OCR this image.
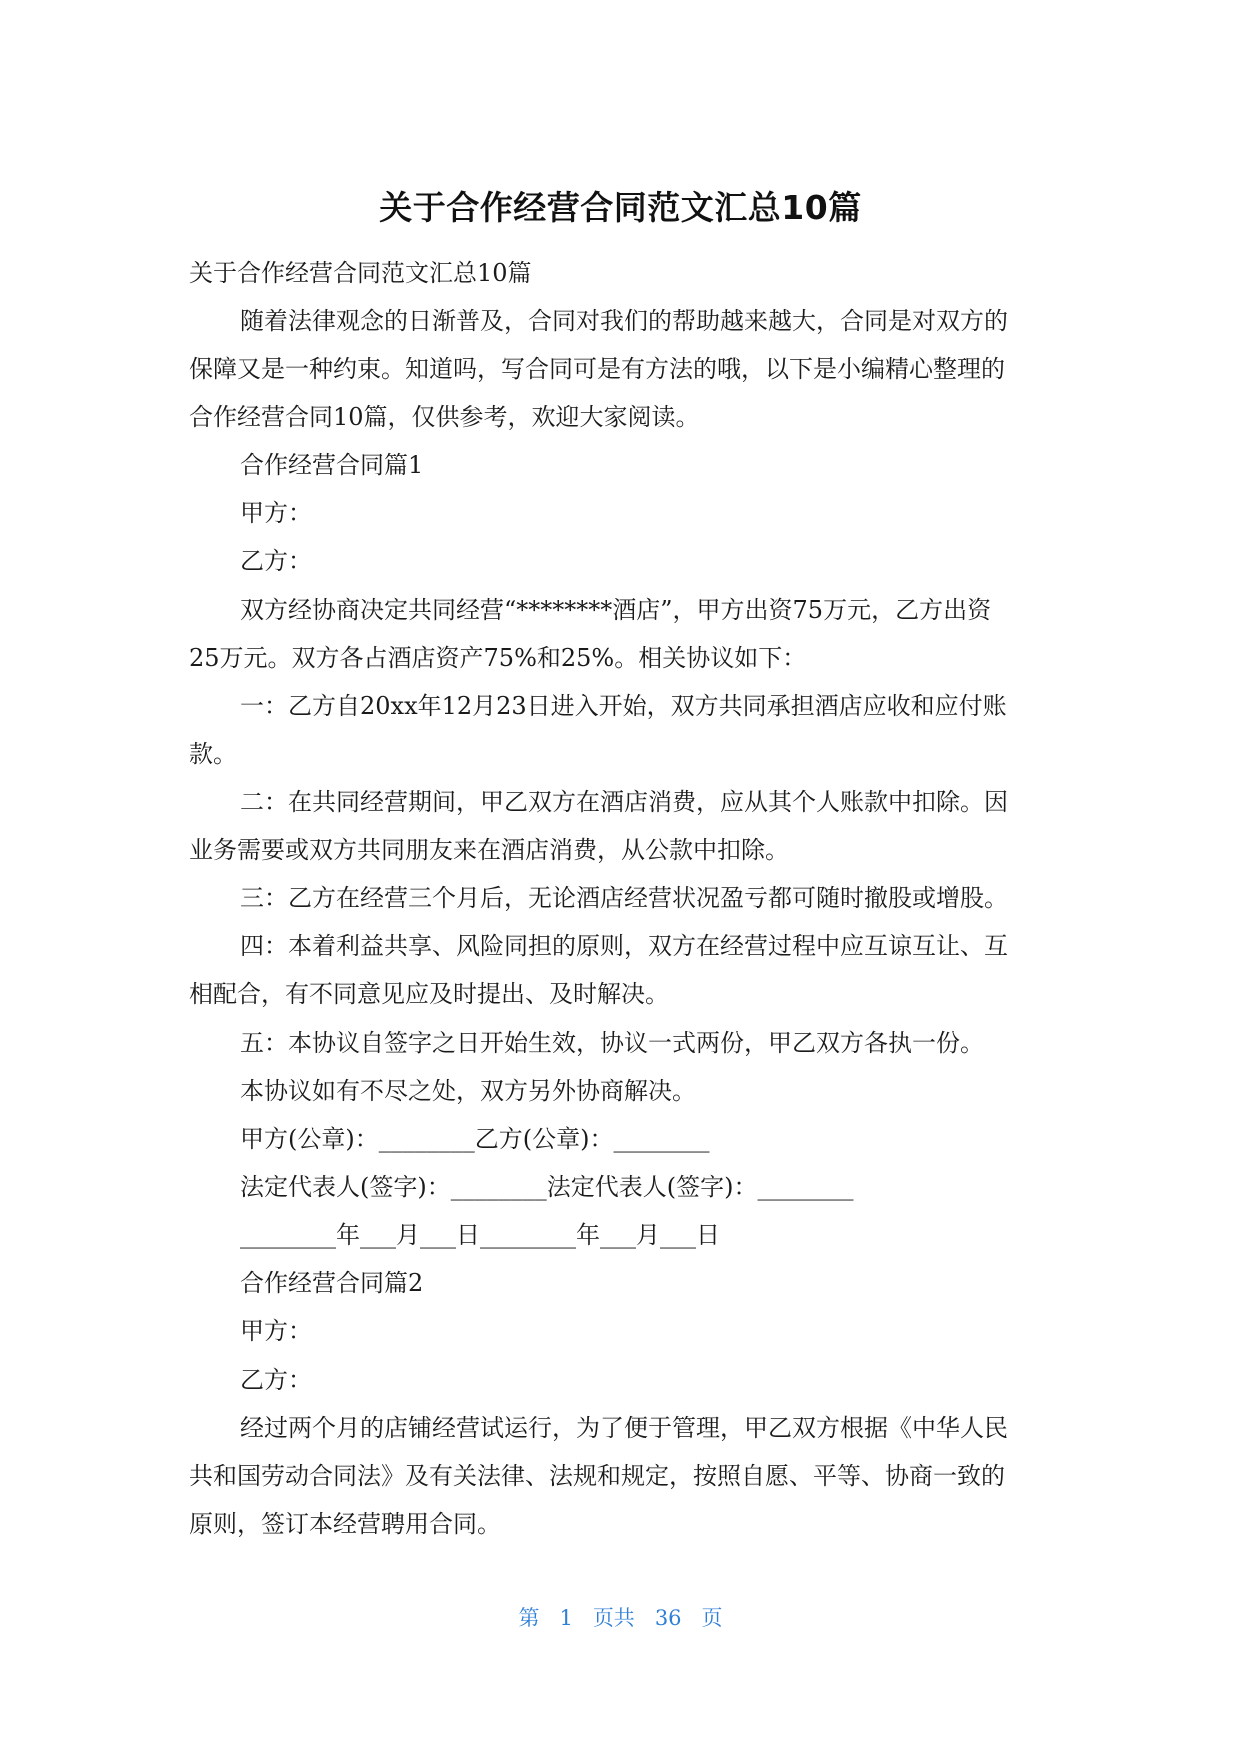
关于合作经营合同范文汇总10篇
关于合作经营合同范文汇总10篇
随着法律观念的日渐普及，合同对我们的帮助越来越大，合同是对双方的
保障又是一种约束。知道吗，写合同可是有方法的哦，以下是小编精心整理的
合作经营合同10篇，仅供参考，欢迎大家阅读。
合作经营合同篇1
甲方：
乙方：
双方经协商决定共同经营“********酒店”，甲方出资75万元，乙方出资
25万元。双方各占酒店资产75%和25%。相关协议如下：
一：乙方自20xx年12月23日进入开始，双方共同承担酒店应收和应付账
款。
二：在共同经营期间，甲乙双方在酒店消费，应从其个人账款中扣除。因
业务需要或双方共同朋友来在酒店消费，从公款中扣除。
三：乙方在经营三个月后，无论酒店经营状况盈亏都可随时撤股或增股。
四：本着利益共享、风险同担的原则，双方在经营过程中应互谅互让、互
相配合，有不同意见应及时提出、及时解决。
五：本协议自签字之日开始生效，协议一式两份，甲乙双方各执一份。
本协议如有不尽之处，双方另外协商解决。
甲方(公章)：________乙方(公章)：________
法定代表人(签字)：________法定代表人(签字)：________
________年___月___日________年___月___日
合作经营合同篇2
甲方：
乙方：
经过两个月的店铺经营试运行，为了便于管理，甲乙双方根据《中华人民
共和国劳动合同法》及有关法律、法规和规定，按照自愿、平等、协商一致的
原则，签订本经营聘用合同。
第 1 页共 36 页
